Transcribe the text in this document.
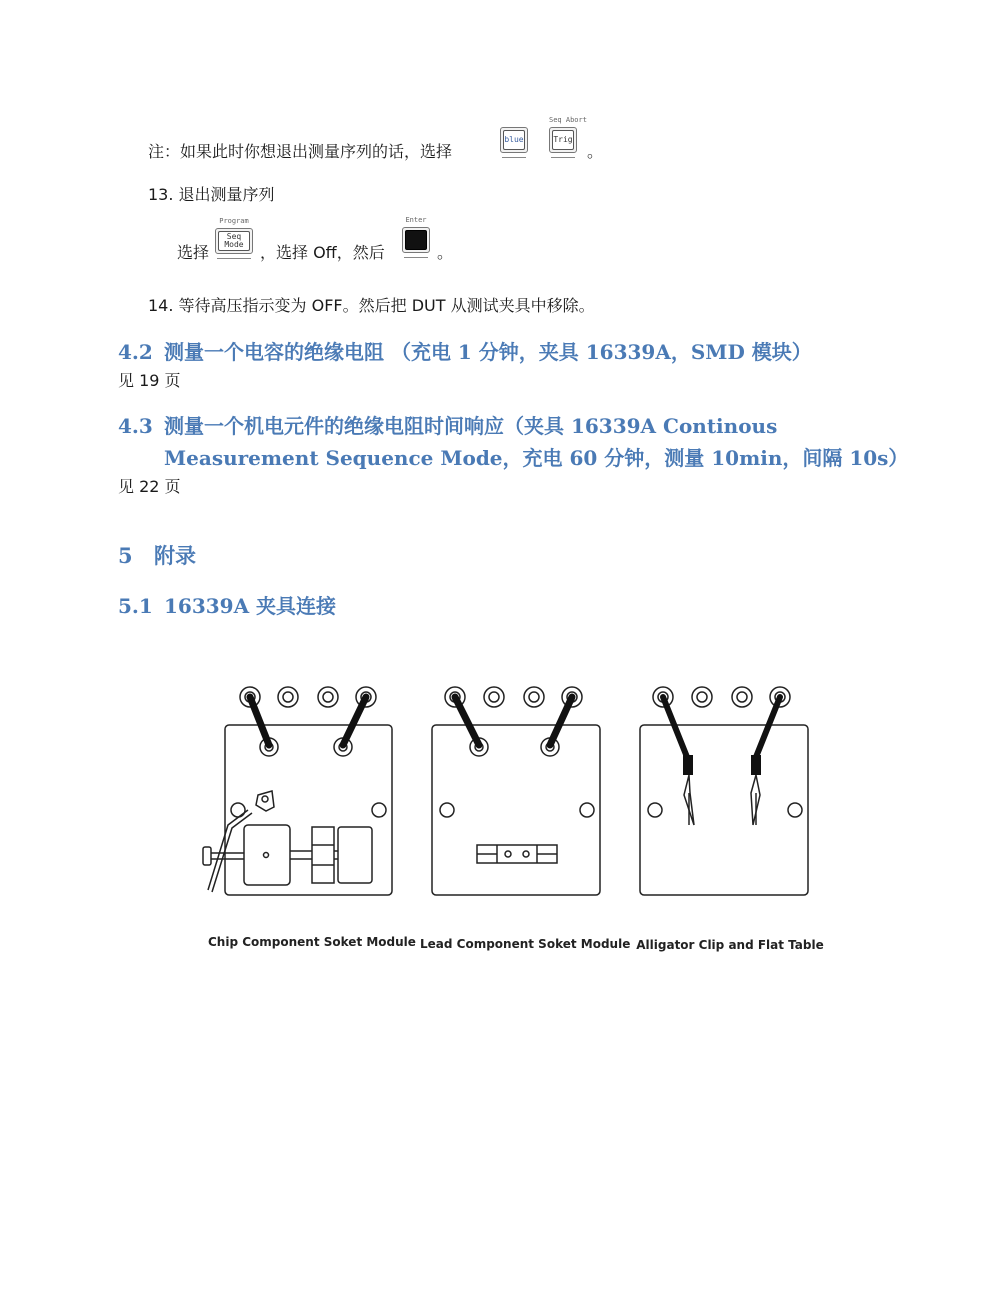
注：如果此时你想退出测量序列的话，选择
blue
Seq Abort
Trig
。
13. 退出测量序列
选择
Program
Seq
Mode ，选择 Off，然后
Enter
。
14. 等待高压指示变为 OFF。然后把 DUT 从测试夹具中移除。
4.2 测量一个电容的绝缘电阻 （充电 1 分钟，夹具 16339A，SMD 模块）
见 19 页
4.3 测量一个机电元件的绝缘电阻时间响应（夹具 16339A Continous
Measurement Sequence Mode，充电 60 分钟，测量 10min，间隔 10s）
见 22 页
5 附录
5.1 16339A 夹具连接
Chip Component Soket Module Lead Component Soket Module Alligator Clip and Flat Table
